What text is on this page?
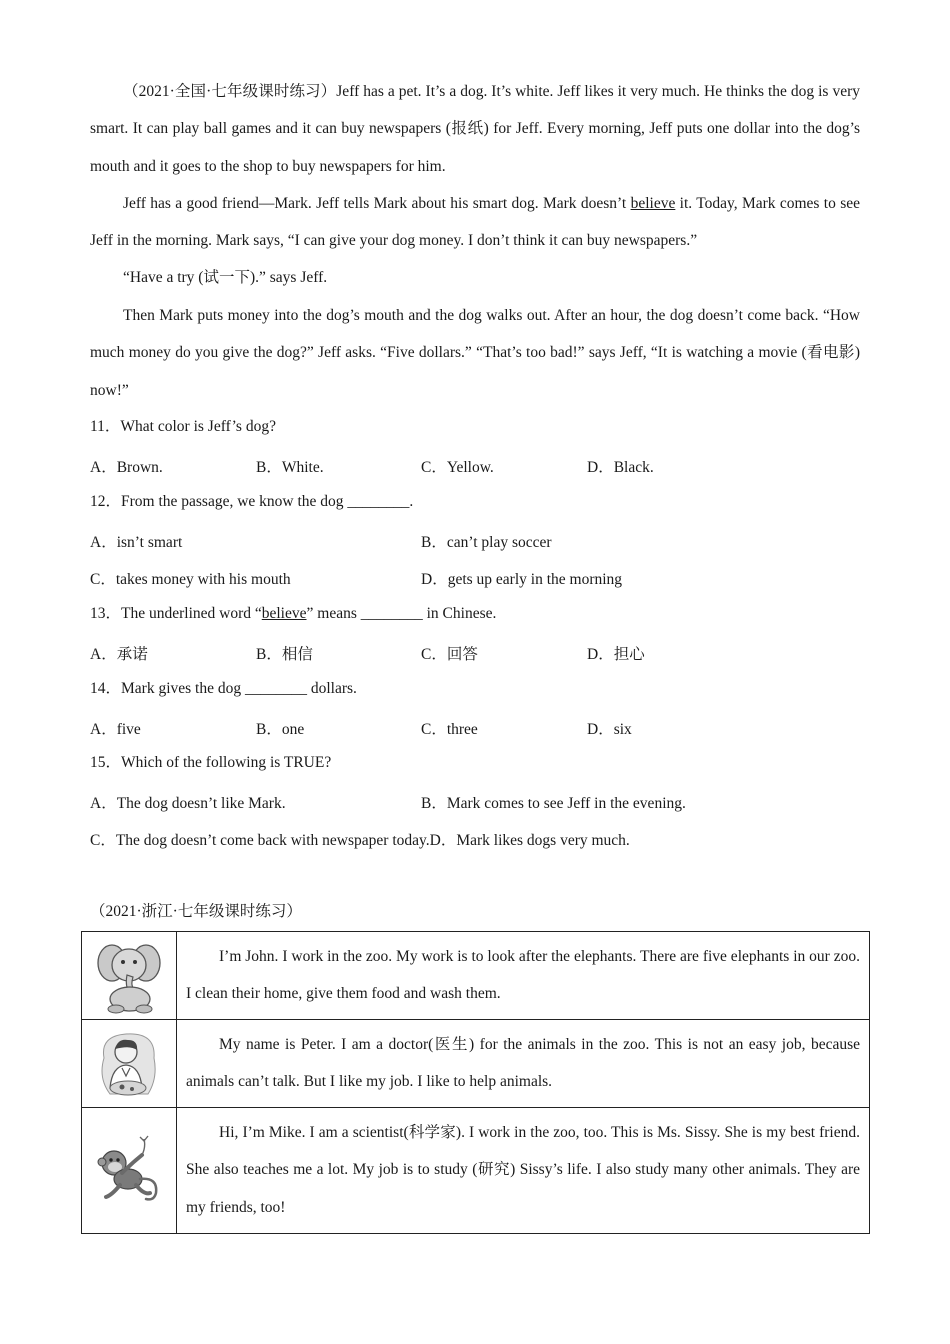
（2021·全国·七年级课时练习）Jeff has a pet. It’s a dog. It’s white. Jeff likes it very much. He thinks the dog is very smart. It can play ball games and it can buy newspapers (报纸) for Jeff. Every morning, Jeff puts one dollar into the dog’s mouth and it goes to the shop to buy newspapers for him.

Jeff has a good friend—Mark. Jeff tells Mark about his smart dog. Mark doesn’t believe it. Today, Mark comes to see Jeff in the morning. Mark says, “I can give your dog money. I don’t think it can buy newspapers.”

“Have a try (试一下).” says Jeff.

Then Mark puts money into the dog’s mouth and the dog walks out. After an hour, the dog doesn’t come back. “How much money do you give the dog?” Jeff asks. “Five dollars.” “That’s too bad!” says Jeff, “It is watching a movie (看电影) now!”

11．What color is Jeff’s dog?
A．Brown.	B．White.	C．Yellow.	D．Black.
12．From the passage, we know the dog ________.
A．isn’t smart	B．can’t play soccer
C．takes money with his mouth	D．gets up early in the morning
13．The underlined word “believe” means ________ in Chinese.
A．承诺	B．相信	C．回答	D．担心
14．Mark gives the dog ________ dollars.
A．five	B．one	C．three	D．six
15．Which of the following is TRUE?
A．The dog doesn’t like Mark.	B．Mark comes to see Jeff in the evening.
C．The dog doesn’t come back with newspaper today.D．Mark likes dogs very much.
（2021·浙江·七年级课时练习）
I’m John. I work in the zoo. My work is to look after the elephants. There are five elephants in our zoo. I clean their home, give them food and wash them.
My name is Peter. I am a doctor(医生) for the animals in the zoo. This is not an easy job, because animals can’t talk. But I like my job. I like to help animals.
Hi, I’m Mike. I am a scientist(科学家). I work in the zoo, too. This is Ms. Sissy. She is my best friend. She also teaches me a lot. My job is to study (研究) Sissy’s life. I also study many other animals. They are my friends, too!
